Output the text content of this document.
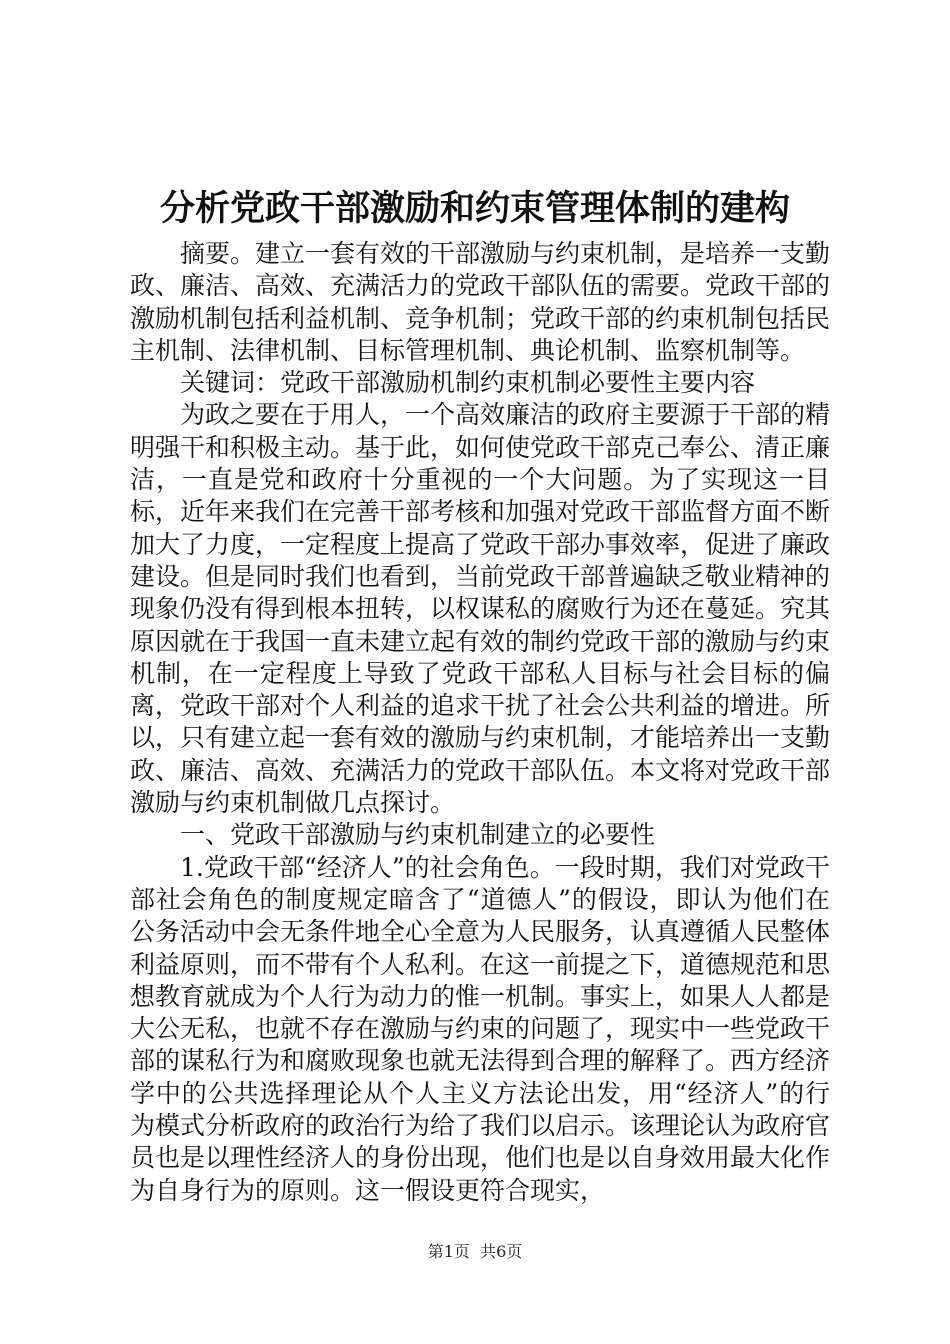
分析党政干部激励和约束管理体制的建构

摘要。建立一套有效的干部激励与约束机制，是培养一支勤政、廉洁、高效、充满活力的党政干部队伍的需要。党政干部的激励机制包括利益机制、竞争机制；党政干部的约束机制包括民主机制、法律机制、目标管理机制、典论机制、监察机制等。

关键词：党政干部激励机制约束机制必要性主要内容

为政之要在于用人，一个高效廉洁的政府主要源于干部的精明强干和积极主动。基于此，如何使党政干部克己奉公、清正廉洁，一直是党和政府十分重视的一个大问题。为了实现这一目标，近年来我们在完善干部考核和加强对党政干部监督方面不断加大了力度，一定程度上提高了党政干部办事效率，促进了廉政建设。但是同时我们也看到，当前党政干部普遍缺乏敬业精神的现象仍没有得到根本扭转，以权谋私的腐败行为还在蔓延。究其原因就在于我国一直未建立起有效的制约党政干部的激励与约束机制，在一定程度上导致了党政干部私人目标与社会目标的偏离，党政干部对个人利益的追求干扰了社会公共利益的增进。所以，只有建立起一套有效的激励与约束机制，才能培养出一支勤政、廉洁、高效、充满活力的党政干部队伍。本文将对党政干部激励与约束机制做几点探讨。

一、党政干部激励与约束机制建立的必要性

1.党政干部“经济人”的社会角色。一段时期，我们对党政干部社会角色的制度规定暗含了“道德人”的假设，即认为他们在公务活动中会无条件地全心全意为人民服务，认真遵循人民整体利益原则，而不带有个人私利。在这一前提之下，道德规范和思想教育就成为个人行为动力的惟一机制。事实上，如果人人都是大公无私，也就不存在激励与约束的问题了，现实中一些党政干部的谋私行为和腐败现象也就无法得到合理的解释了。西方经济学中的公共选择理论从个人主义方法论出发，用“经济人”的行为模式分析政府的政治行为给了我们以启示。该理论认为政府官员也是以理性经济人的身份出现，他们也是以自身效用最大化作为自身行为的原则。这一假设更符合现实，

第1页 共6页
